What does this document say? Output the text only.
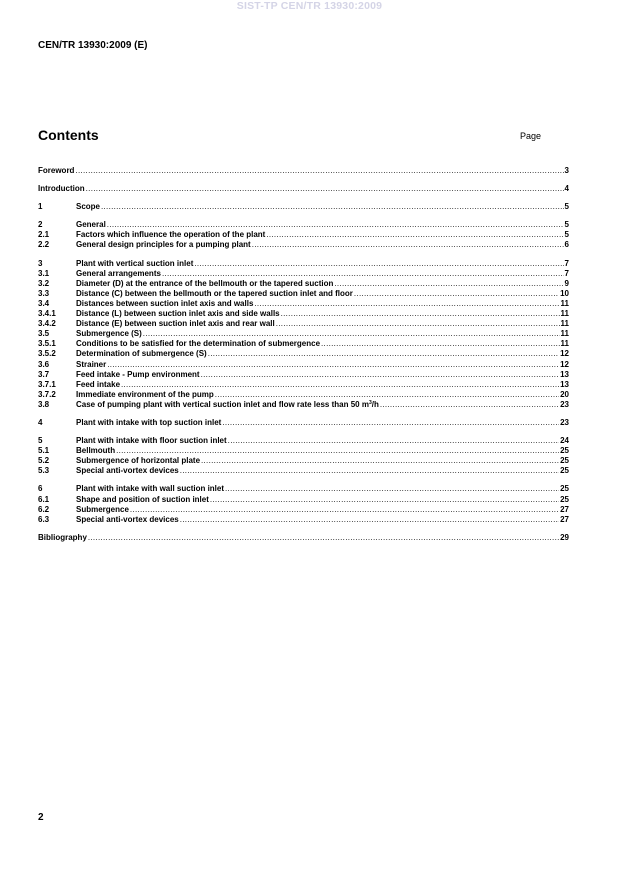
SIST-TP CEN/TR 13930:2009
CEN/TR 13930:2009 (E)
Contents	Page
Foreword .....	3
Introduction .....	4
1	Scope .....	5
2	General .....	5
2.1	Factors which influence the operation of the plant .....	5
2.2	General design principles for a pumping plant .....	6
3	Plant with vertical suction inlet .....	7
3.1	General arrangements .....	7
3.2	Diameter (D) at the entrance of the bellmouth or the tapered suction .....	9
3.3	Distance (C) between the bellmouth or the tapered suction inlet and floor .....	10
3.4	Distances between suction inlet axis and walls .....	11
3.4.1	Distance (L) between suction inlet axis and side walls .....	11
3.4.2	Distance (E) between suction inlet axis and rear wall .....	11
3.5	Submergence (S) .....	11
3.5.1	Conditions to be satisfied for the determination of submergence .....	11
3.5.2	Determination of submergence (S) .....	12
3.6	Strainer .....	12
3.7	Feed intake - Pump environment .....	13
3.7.1	Feed intake .....	13
3.7.2	Immediate environment of the pump .....	20
3.8	Case of pumping plant with vertical suction inlet and flow rate less than 50 $m^3/h$ .....	23
4	Plant with intake with top suction inlet .....	23
5	Plant with intake with floor suction inlet .....	24
5.1	Bellmouth .....	25
5.2	Submergence of horizontal plate .....	25
5.3	Special anti-vortex devices .....	25
6	Plant with intake with wall suction inlet .....	25
6.1	Shape and position of suction inlet .....	25
6.2	Submergence .....	27
6.3	Special anti-vortex devices .....	27
Bibliography .....	29
2
